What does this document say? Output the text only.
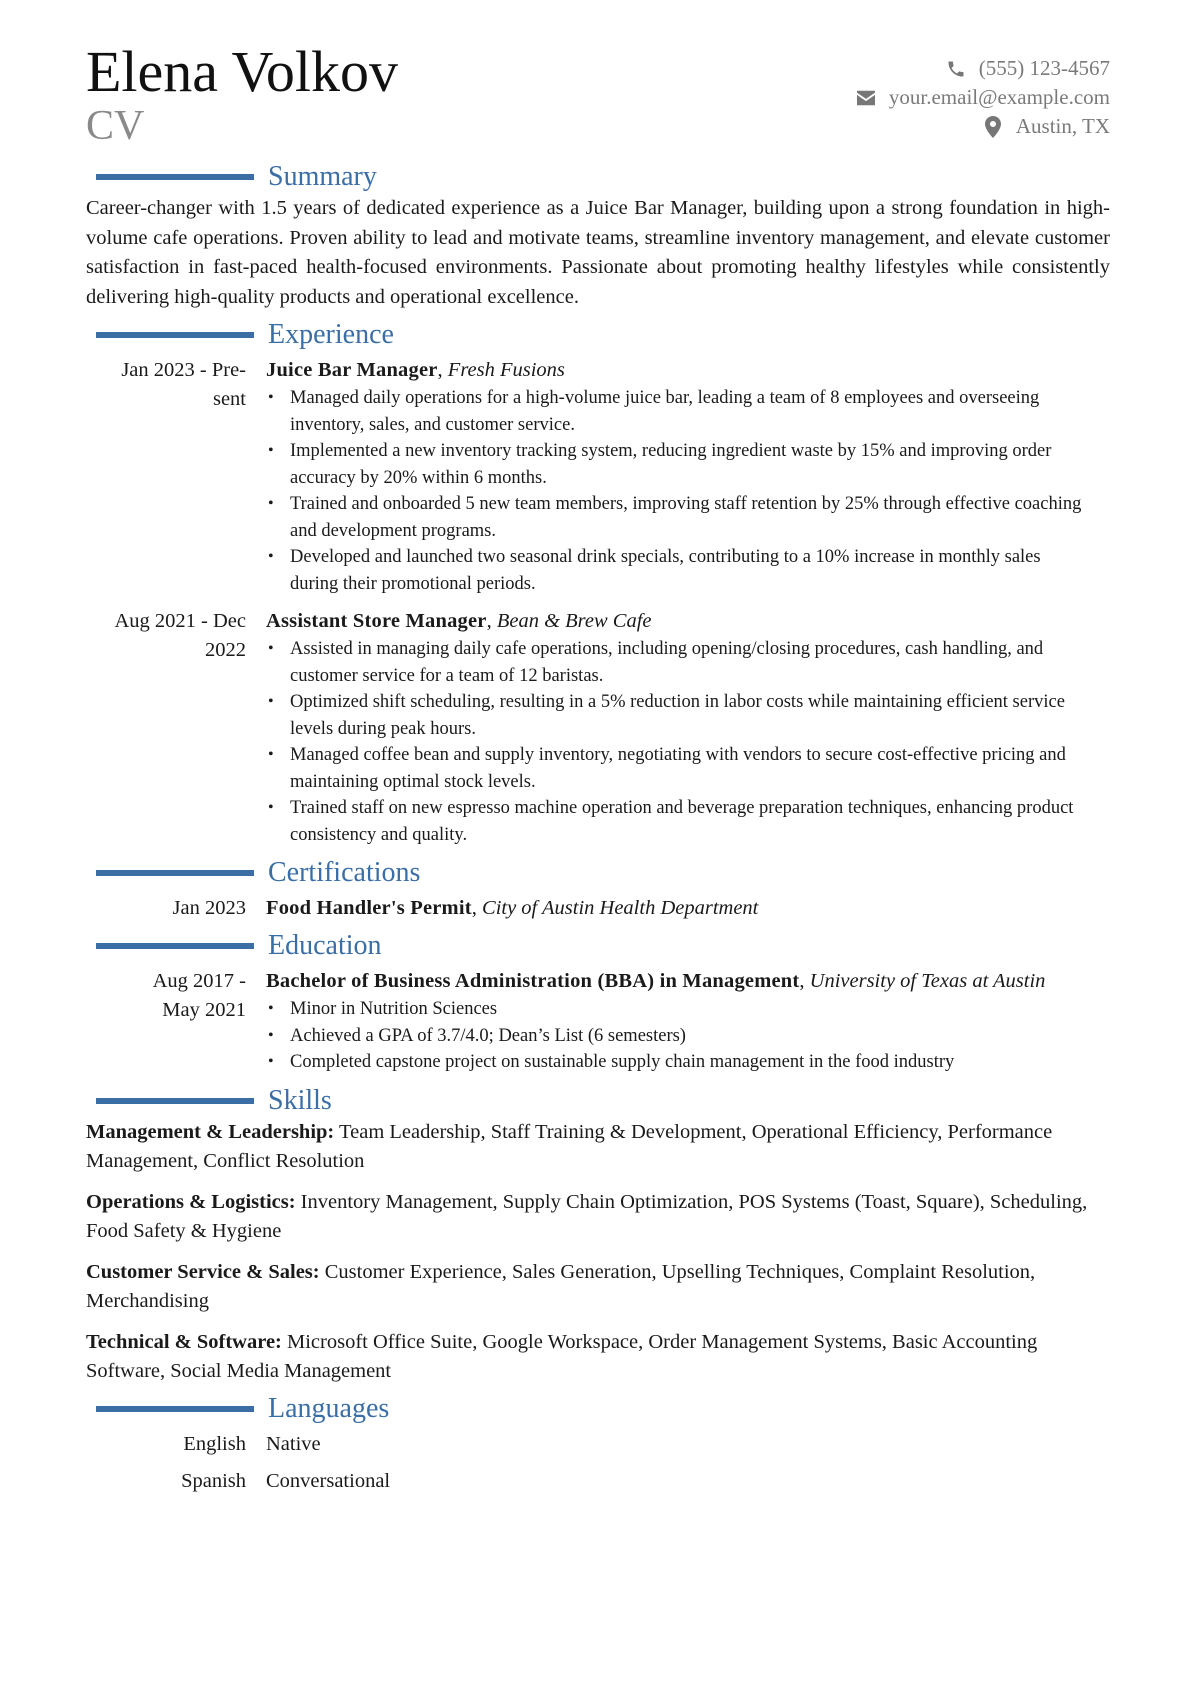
Elena Volkov
CV
(555) 123-4567
your.email@example.com
Austin, TX
Summary

Career-changer with 1.5 years of dedicated experience as a Juice Bar Manager, building upon a strong foundation in high-volume cafe operations. Proven ability to lead and motivate teams, streamline inventory management, and elevate customer satisfaction in fast-paced health-focused environments. Passionate about promoting healthy lifestyles while consistently delivering high-quality products and operational excellence.

Experience
Jan 2023 - Pre-
sent
Juice Bar Manager, Fresh Fusions
• Managed daily operations for a high-volume juice bar, leading a team of 8 employees and overseeing inventory, sales, and customer service.
• Implemented a new inventory tracking system, reducing ingredient waste by 15% and improving order accuracy by 20% within 6 months.
• Trained and onboarded 5 new team members, improving staff retention by 25% through effective coaching and development programs.
• Developed and launched two seasonal drink specials, contributing to a 10% increase in monthly sales during their promotional periods.
Aug 2021 - Dec
2022
Assistant Store Manager, Bean & Brew Cafe
• Assisted in managing daily cafe operations, including opening/closing procedures, cash handling, and customer service for a team of 12 baristas.
• Optimized shift scheduling, resulting in a 5% reduction in labor costs while maintaining efficient service levels during peak hours.
• Managed coffee bean and supply inventory, negotiating with vendors to secure cost-effective pricing and maintaining optimal stock levels.
• Trained staff on new espresso machine operation and beverage preparation techniques, enhancing product consistency and quality.
Certifications
Jan 2023 Food Handler's Permit, City of Austin Health Department
Education
Aug 2017 -
May 2021
Bachelor of Business Administration (BBA) in Management, University of Texas at Austin
• Minor in Nutrition Sciences
• Achieved a GPA of 3.7/4.0; Dean’s List (6 semesters)
• Completed capstone project on sustainable supply chain management in the food industry
Skills

Management & Leadership: Team Leadership, Staff Training & Development, Operational Efficiency, Performance Management, Conflict Resolution

Operations & Logistics: Inventory Management, Supply Chain Optimization, POS Systems (Toast, Square), Scheduling, Food Safety & Hygiene

Customer Service & Sales: Customer Experience, Sales Generation, Upselling Techniques, Complaint Resolution, Merchandising

Technical & Software: Microsoft Office Suite, Google Workspace, Order Management Systems, Basic Accounting Software, Social Media Management

Languages
English Native
Spanish Conversational
